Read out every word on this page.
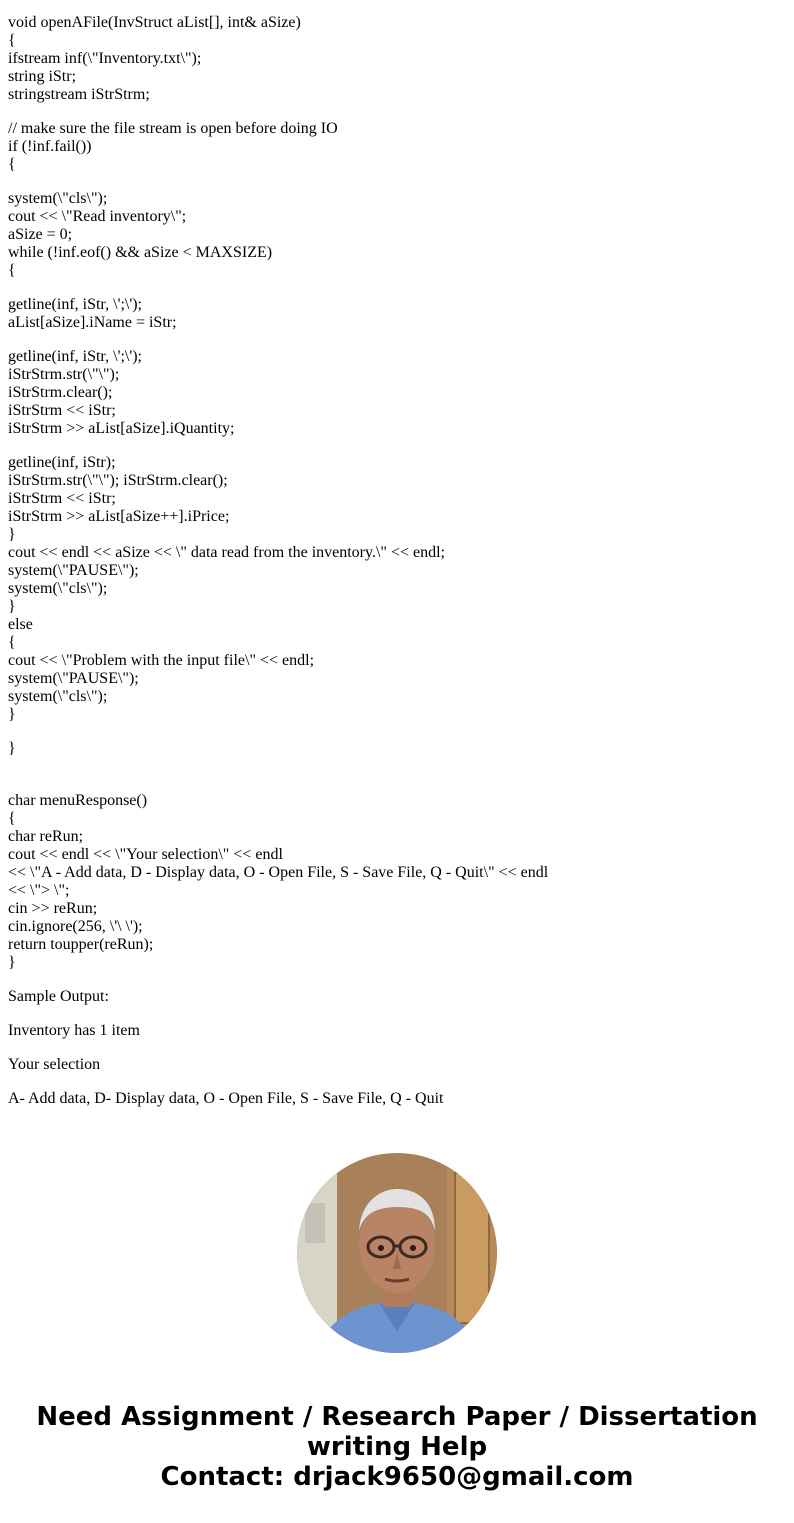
void openAFile(InvStruct aList[], int& aSize)
{
ifstream inf(\"Inventory.txt\");
string iStr;
stringstream iStrStrm;
// make sure the file stream is open before doing IO
if (!inf.fail())
{
system(\"cls\");
cout << \"Read inventory\";
aSize = 0;
while (!inf.eof() && aSize < MAXSIZE)
{
getline(inf, iStr, \';\');
aList[aSize].iName = iStr;
getline(inf, iStr, \';\');
iStrStrm.str(\"\");
iStrStrm.clear();
iStrStrm << iStr;
iStrStrm >> aList[aSize].iQuantity;
getline(inf, iStr);
iStrStrm.str(\"\"); iStrStrm.clear();
iStrStrm << iStr;
iStrStrm >> aList[aSize++].iPrice;
}
cout << endl << aSize << \" data read from the inventory.\" << endl;
system(\"PAUSE\");
system(\"cls\");
}
else
{
cout << \"Problem with the input file\" << endl;
system(\"PAUSE\");
system(\"cls\");
}
}
char menuResponse()
{
char reRun;
cout << endl << \"Your selection\" << endl
<< \"A - Add data, D - Display data, O - Open File, S - Save File, Q - Quit\" << endl
<< \"> \";
cin >> reRun;
cin.ignore(256, \'\ \');
return toupper(reRun);
}

Sample Output:

Inventory has 1 item

Your selection

A- Add data, D- Display data, O - Open File, S - Save File, Q - Quit

Need Assignment / Research Paper / Dissertation
writing Help
Contact: drjack9650@gmail.com
